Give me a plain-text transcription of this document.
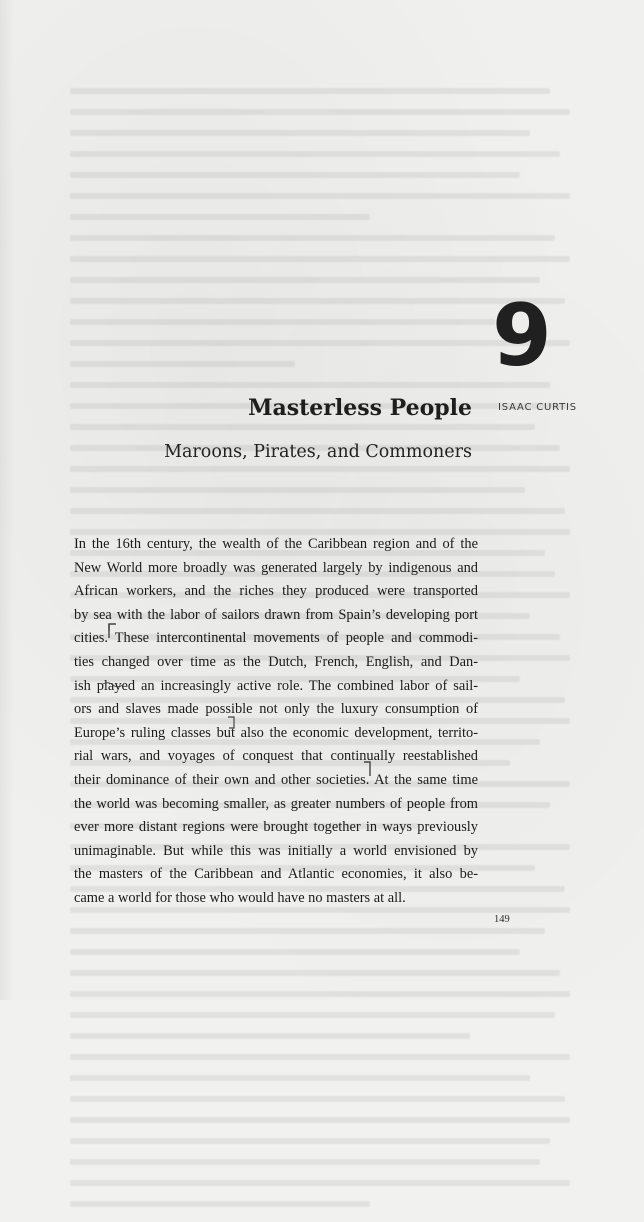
9
Masterless People	ISAAC CURTIS
Maroons, Pirates, and Commoners
In the 16th century, the wealth of the Caribbean region and of the
New World more broadly was generated largely by indigenous and
African workers, and the riches they produced were transported
by sea with the labor of sailors drawn from Spain’s developing port
cities. These intercontinental movements of people and commodi-
ties changed over time as the Dutch, French, English, and Dan-
ish played an increasingly active role. The combined labor of sail-
ors and slaves made possible not only the luxury consumption of
Europe’s ruling classes but also the economic development, territo-
rial wars, and voyages of conquest that continually reestablished
their dominance of their own and other societies. At the same time
the world was becoming smaller, as greater numbers of people from
ever more distant regions were brought together in ways previously
unimaginable. But while this was initially a world envisioned by
the masters of the Caribbean and Atlantic economies, it also be-
came a world for those who would have no masters at all.
149
